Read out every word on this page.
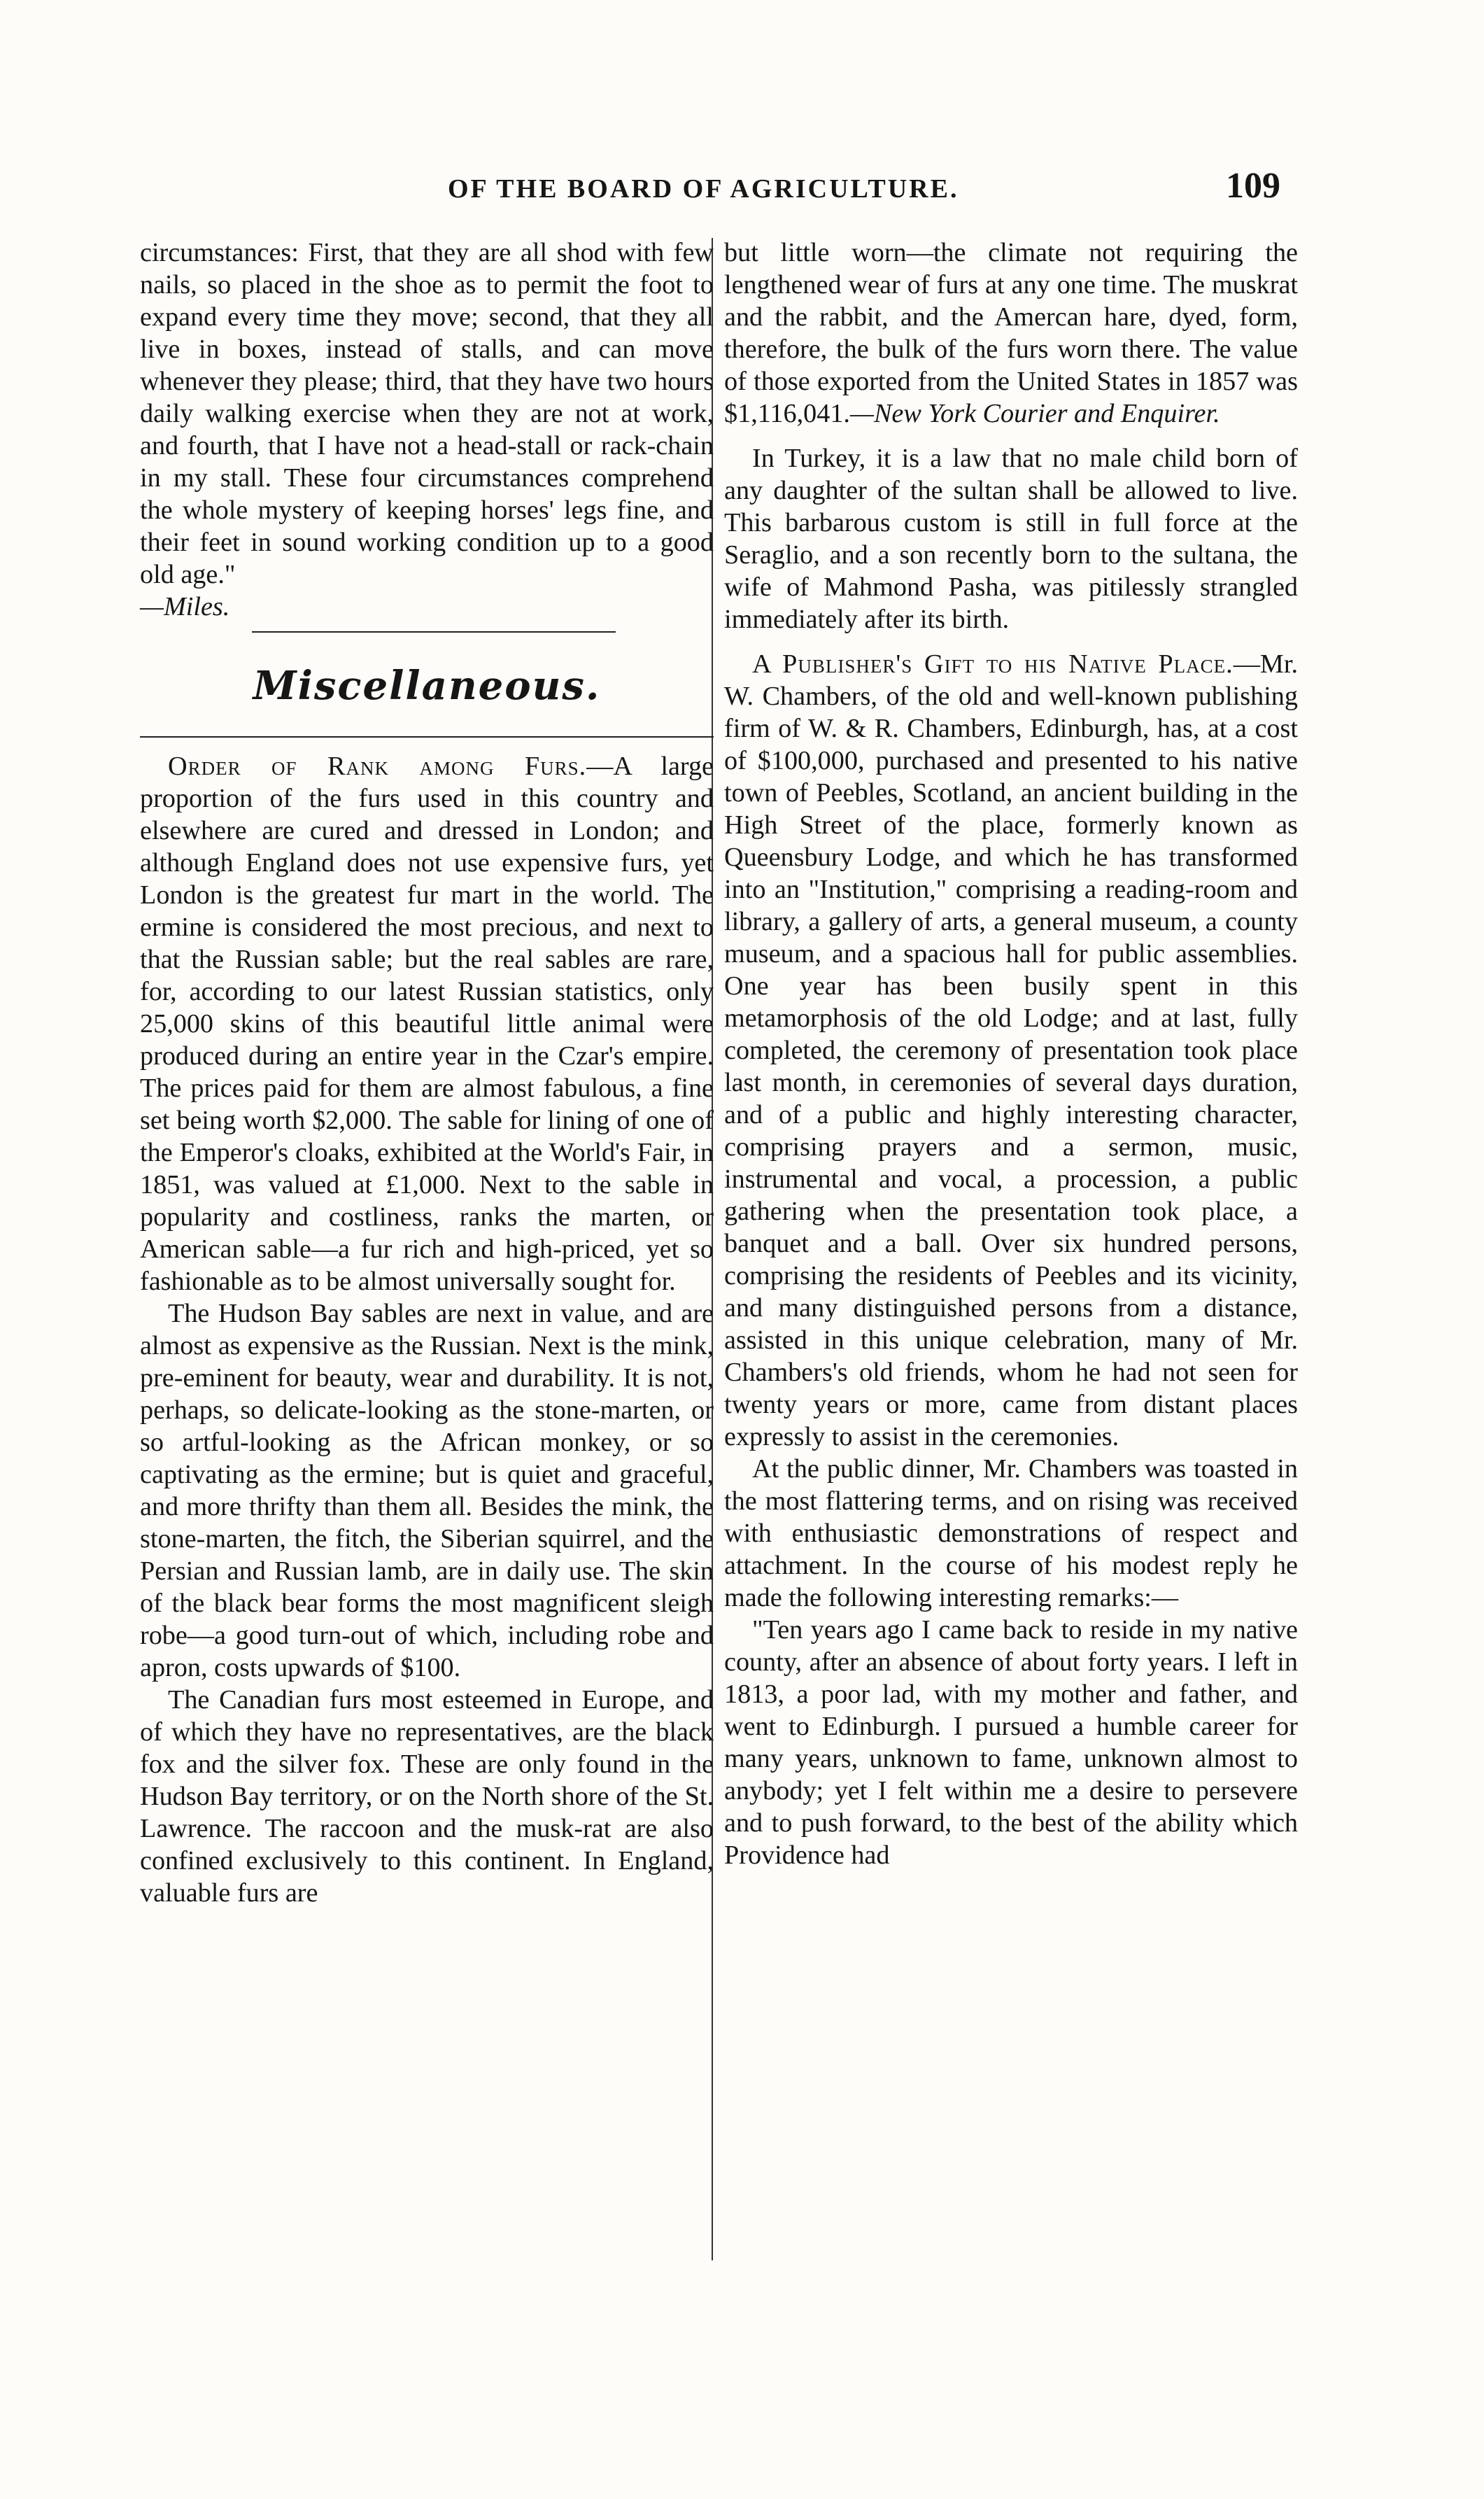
OF THE BOARD OF AGRICULTURE.	109

circumstances: First, that they are all shod with few nails, so placed in the shoe as to permit the foot to expand every time they move; second, that they all live in boxes, instead of stalls, and can move whenever they please; third, that they have two hours daily walking exercise when they are not at work, and fourth, that I have not a head-stall or rack-chain in my stall. These four circumstances comprehend the whole mystery of keeping horses' legs fine, and their feet in sound working condition up to a good old age."

—Miles.

Miscellaneous.

Order of Rank among Furs.—A large proportion of the furs used in this country and elsewhere are cured and dressed in London; and although England does not use expensive furs, yet London is the greatest fur mart in the world. The ermine is considered the most precious, and next to that the Russian sable; but the real sables are rare, for, according to our latest Russian statistics, only 25,000 skins of this beautiful little animal were produced during an entire year in the Czar's empire. The prices paid for them are almost fabulous, a fine set being worth $2,000. The sable for lining of one of the Emperor's cloaks, exhibited at the World's Fair, in 1851, was valued at £1,000. Next to the sable in popularity and costliness, ranks the marten, or American sable—a fur rich and high-priced, yet so fashionable as to be almost universally sought for.

The Hudson Bay sables are next in value, and are almost as expensive as the Russian. Next is the mink, pre-eminent for beauty, wear and durability. It is not, perhaps, so delicate-looking as the stone-marten, or so artful-looking as the African monkey, or so captivating as the ermine; but is quiet and graceful, and more thrifty than them all. Besides the mink, the stone-marten, the fitch, the Siberian squirrel, and the Persian and Russian lamb, are in daily use. The skin of the black bear forms the most magnificent sleigh robe—a good turn-out of which, including robe and apron, costs upwards of $100.

The Canadian furs most esteemed in Europe, and of which they have no representatives, are the black fox and the silver fox. These are only found in the Hudson Bay territory, or on the North shore of the St. Lawrence. The raccoon and the musk-rat are also confined exclusively to this continent. In England, valuable furs are

but little worn—the climate not requiring the lengthened wear of furs at any one time. The muskrat and the rabbit, and the Amercan hare, dyed, form, therefore, the bulk of the furs worn there. The value of those exported from the United States in 1857 was $1,116,041.—New York Courier and Enquirer.

In Turkey, it is a law that no male child born of any daughter of the sultan shall be allowed to live. This barbarous custom is still in full force at the Seraglio, and a son recently born to the sultana, the wife of Mahmond Pasha, was pitilessly strangled immediately after its birth.

A Publisher's Gift to his Native Place.—Mr. W. Chambers, of the old and well-known publishing firm of W. & R. Chambers, Edinburgh, has, at a cost of $100,000, purchased and presented to his native town of Peebles, Scotland, an ancient building in the High Street of the place, formerly known as Queensbury Lodge, and which he has transformed into an "Institution," comprising a reading-room and library, a gallery of arts, a general museum, a county museum, and a spacious hall for public assemblies. One year has been busily spent in this metamorphosis of the old Lodge; and at last, fully completed, the ceremony of presentation took place last month, in ceremonies of several days duration, and of a public and highly interesting character, comprising prayers and a sermon, music, instrumental and vocal, a procession, a public gathering when the presentation took place, a banquet and a ball. Over six hundred persons, comprising the residents of Peebles and its vicinity, and many distinguished persons from a distance, assisted in this unique celebration, many of Mr. Chambers's old friends, whom he had not seen for twenty years or more, came from distant places expressly to assist in the ceremonies.

At the public dinner, Mr. Chambers was toasted in the most flattering terms, and on rising was received with enthusiastic demonstrations of respect and attachment. In the course of his modest reply he made the following interesting remarks:—

"Ten years ago I came back to reside in my native county, after an absence of about forty years. I left in 1813, a poor lad, with my mother and father, and went to Edinburgh. I pursued a humble career for many years, unknown to fame, unknown almost to anybody; yet I felt within me a desire to persevere and to push forward, to the best of the ability which Providence had
